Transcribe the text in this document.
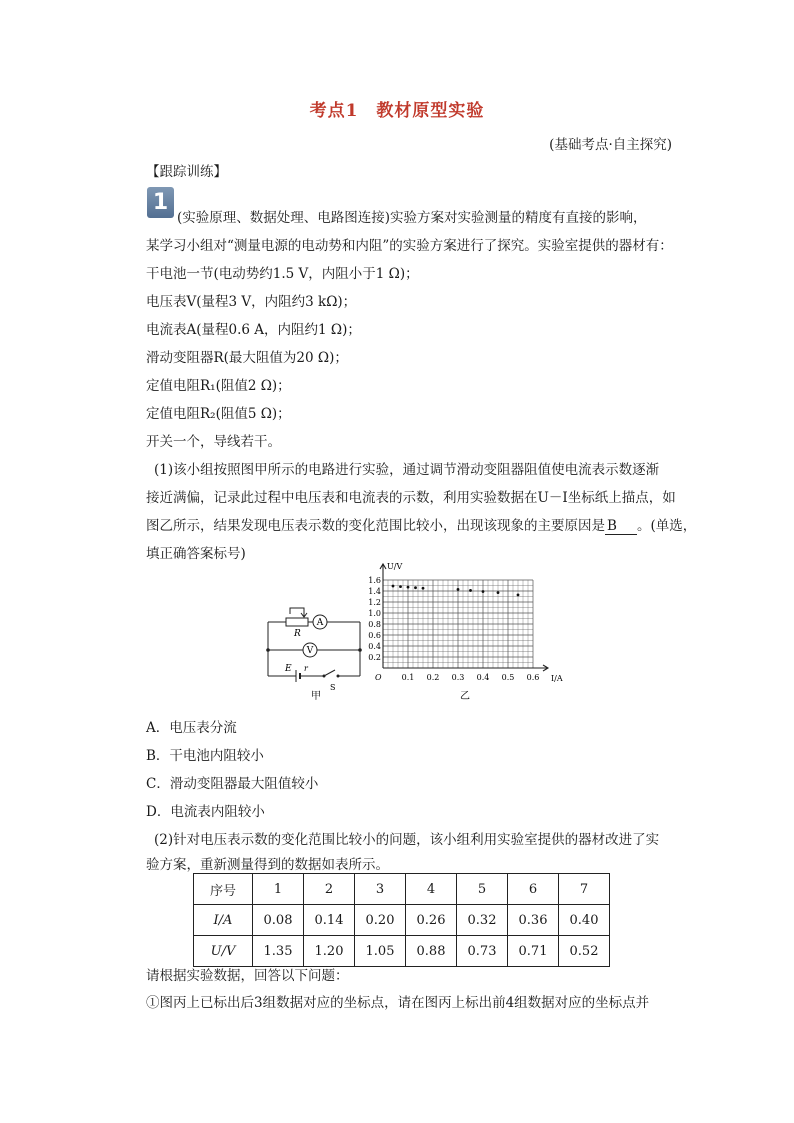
考点1　教材原型实验
(基础考点·自主探究)
【跟踪训练】
1
(实验原理、数据处理、电路图连接)实验方案对实验测量的精度有直接的影响，
某学习小组对“测量电源的电动势和内阻”的实验方案进行了探究。实验室提供的器材有：
干电池一节(电动势约1.5 V，内阻小于1 Ω)；
电压表V(量程3 V，内阻约3 kΩ)；
电流表A(量程0.6 A，内阻约1 Ω)；
滑动变阻器R(最大阻值为20 Ω)；
定值电阻R₁(阻值2 Ω)；
定值电阻R₂(阻值5 Ω)；
开关一个，导线若干。
(1)该小组按照图甲所示的电路进行实验，通过调节滑动变阻器阻值使电流表示数逐渐
接近满偏，记录此过程中电压表和电流表的示数，利用实验数据在U－I坐标纸上描点，如
图乙所示，结果发现电压表示数的变化范围比较小，出现该现象的主要原因是 B 。(单选，
填正确答案标号)
R
A
V
E r
S
甲
0.2
0.4
0.6
0.8
1.0
1.2
1.4
1.6
0.1 0.2 0.3 0.4 0.5 0.6
U/V
I/A
O
乙
A．电压表分流
B．干电池内阻较小
C．滑动变阻器最大阻值较小
D．电流表内阻较小
(2)针对电压表示数的变化范围比较小的问题，该小组利用实验室提供的器材改进了实
验方案，重新测量得到的数据如表所示。
序号	1	2	3	4	5	6	7
I/A	0.08	0.14	0.20	0.26	0.32	0.36	0.40
U/V	1.35	1.20	1.05	0.88	0.73	0.71	0.52
请根据实验数据，回答以下问题：
①图丙上已标出后3组数据对应的坐标点，请在图丙上标出前4组数据对应的坐标点并
